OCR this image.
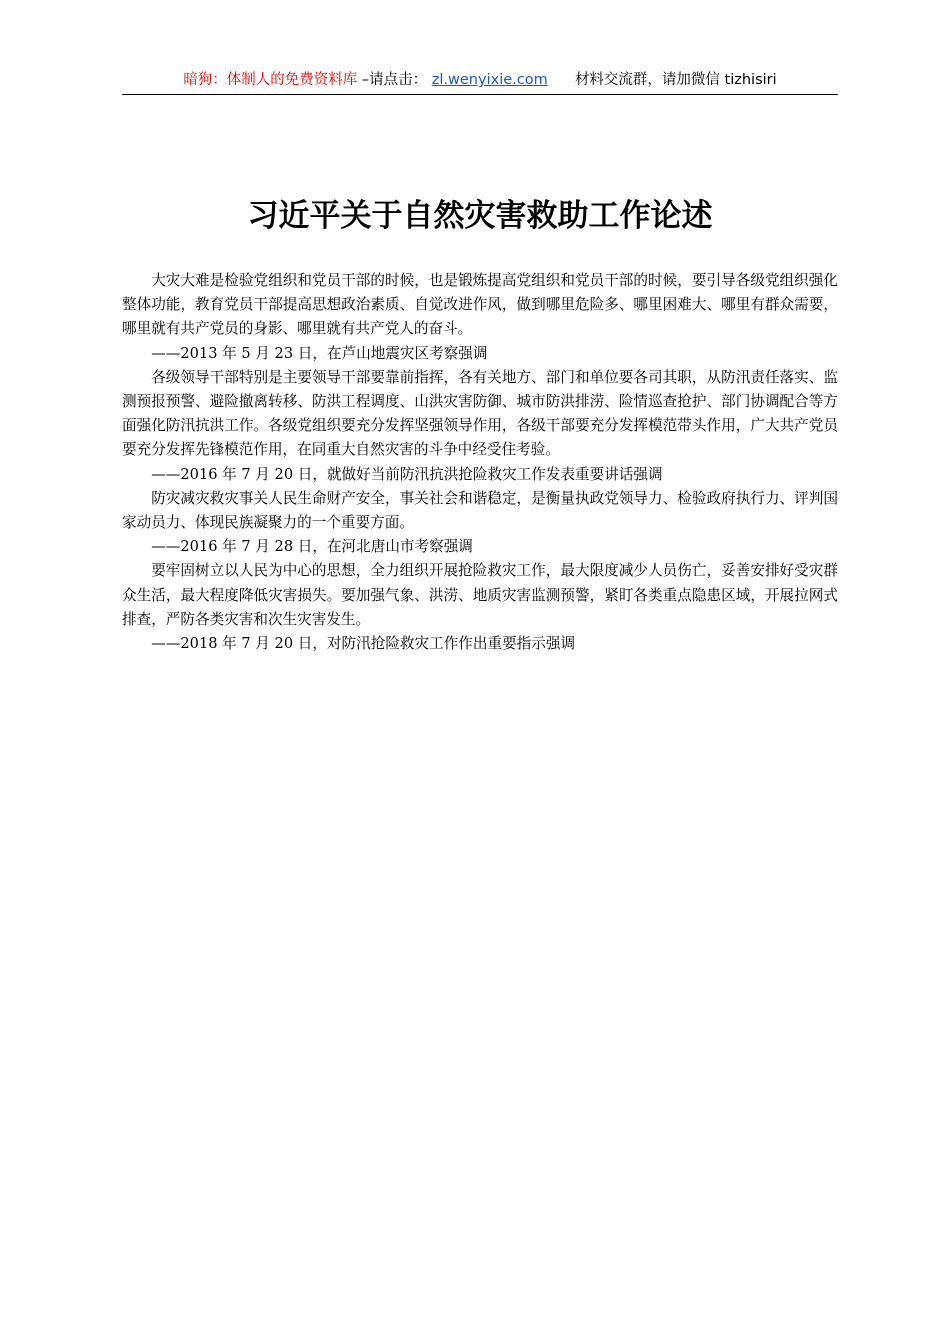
暗狗：体制人的免费资料库 –请点击： zl.wenyixie.com 材料交流群，请加微信 tizhisiri
习近平关于自然灾害救助工作论述

大灾大难是检验党组织和党员干部的时候，也是锻炼提高党组织和党员干部的时候，要引导各级党组织强化整体功能，教育党员干部提高思想政治素质、自觉改进作风，做到哪里危险多、哪里困难大、哪里有群众需要，哪里就有共产党员的身影、哪里就有共产党人的奋斗。

——2013 年 5 月 23 日，在芦山地震灾区考察强调

各级领导干部特别是主要领导干部要靠前指挥，各有关地方、部门和单位要各司其职，从防汛责任落实、监测预报预警、避险撤离转移、防洪工程调度、山洪灾害防御、城市防洪排涝、险情巡查抢护、部门协调配合等方面强化防汛抗洪工作。各级党组织要充分发挥坚强领导作用，各级干部要充分发挥模范带头作用，广大共产党员要充分发挥先锋模范作用，在同重大自然灾害的斗争中经受住考验。

——2016 年 7 月 20 日，就做好当前防汛抗洪抢险救灾工作发表重要讲话强调

防灾减灾救灾事关人民生命财产安全，事关社会和谐稳定，是衡量执政党领导力、检验政府执行力、评判国家动员力、体现民族凝聚力的一个重要方面。

——2016 年 7 月 28 日，在河北唐山市考察强调

要牢固树立以人民为中心的思想，全力组织开展抢险救灾工作，最大限度减少人员伤亡，妥善安排好受灾群众生活，最大程度降低灾害损失。要加强气象、洪涝、地质灾害监测预警，紧盯各类重点隐患区域，开展拉网式排查，严防各类灾害和次生灾害发生。

——2018 年 7 月 20 日，对防汛抢险救灾工作作出重要指示强调
